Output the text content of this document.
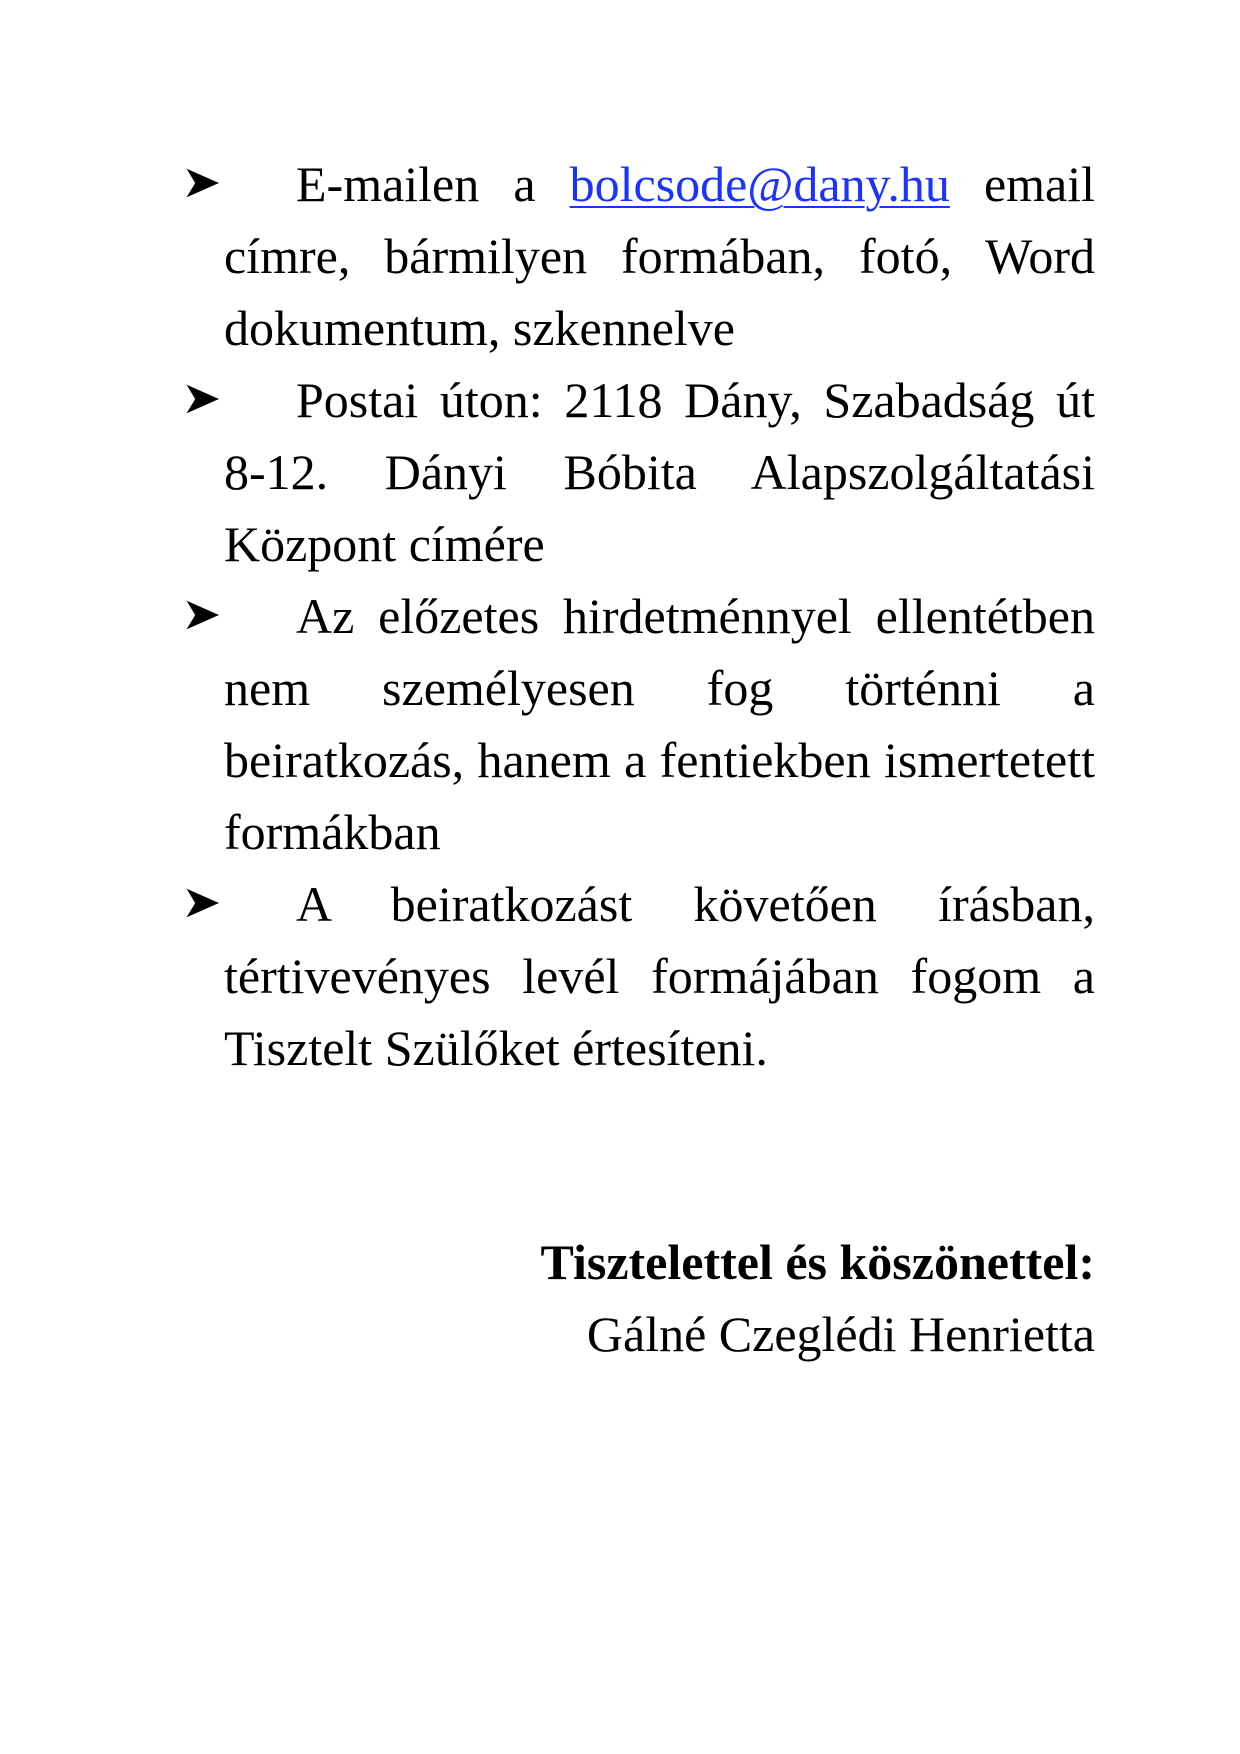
E-mailen a bolcsode@dany.hu email címre, bármilyen formában, fotó, Word dokumentum, szkennelve
Postai úton: 2118 Dány, Szabadság út 8-12. Dányi Bóbita Alapszolgáltatási Központ címére
Az előzetes hirdetménnyel ellentétben nem személyesen fog történni a beiratkozás, hanem a fentiekben ismertetett formákban
A beiratkozást követően írásban, tértivevényes levél formájában fogom a Tisztelt Szülőket értesíteni.
Tisztelettel és köszönettel:
Gálné Czeglédi Henrietta
